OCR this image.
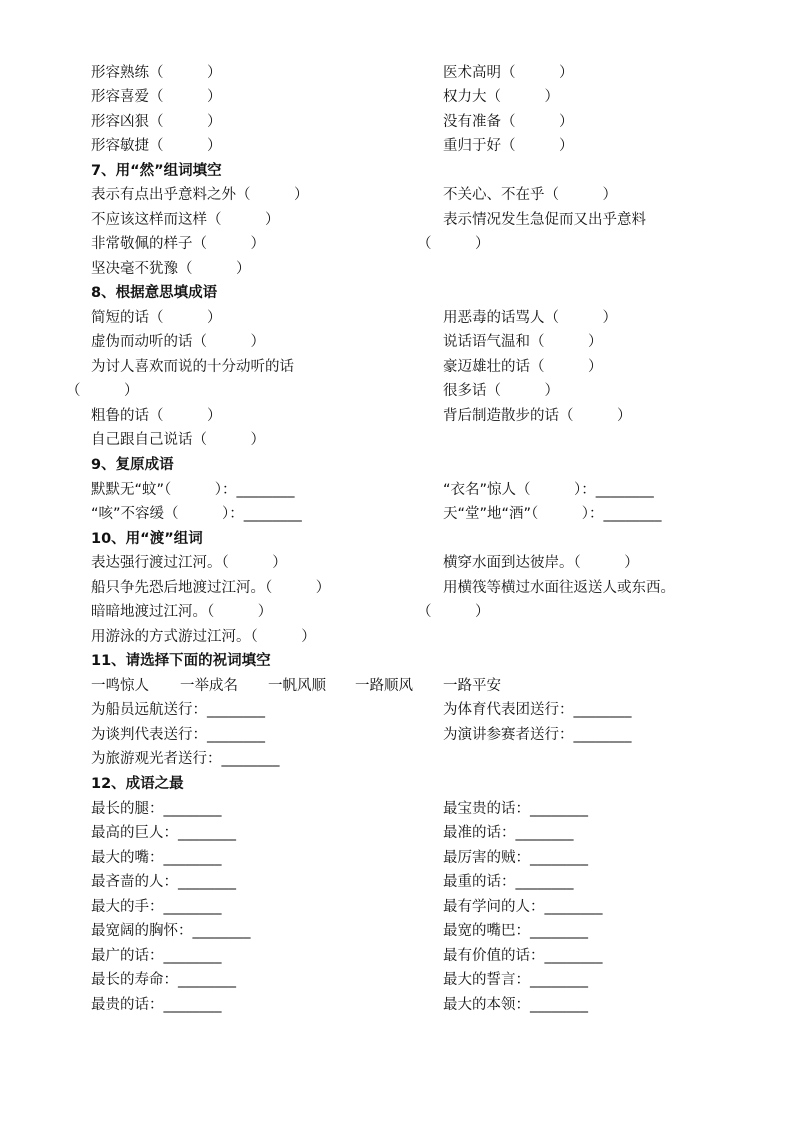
形容熟练（　　　）	医术高明（　　　）
形容喜爱（　　　）	权力大（　　　）
形容凶狠（　　　）	没有准备（　　　）
形容敏捷（　　　）	重归于好（　　　）
7、用“然”组词填空
表示有点出乎意料之外（　　　）	不关心、不在乎（　　　）
不应该这样而这样（　　　）	表示情况发生急促而又出乎意料
非常敬佩的样子（　　　）	（　　　）
坚决毫不犹豫（　　　）
8、根据意思填成语
简短的话（　　　）	用恶毒的话骂人（　　　）
虚伪而动听的话（　　　）	说话语气温和（　　　）
为讨人喜欢而说的十分动听的话	豪迈雄壮的话（　　　）
（　　　）	很多话（　　　）
粗鲁的话（　　　）	背后制造散步的话（　　　）
自己跟自己说话（　　　）
9、复原成语
默默无“蚊”（　　　）：________	“衣名”惊人（　　　）：________
“咳”不容缓（　　　）：________	天“堂”地“酒”（　　　）：________
10、用“渡”组词
表达强行渡过江河。（　　　）	横穿水面到达彼岸。（　　　）
船只争先恐后地渡过江河。（　　　）	用横筏等横过水面往返送人或东西。
暗暗地渡过江河。（　　　）	（　　　）
用游泳的方式游过江河。（　　　）
11、请选择下面的祝词填空
一鸣惊人 一举成名 一帆风顺 一路顺风 一路平安
为船员远航送行：________	为体育代表团送行：________
为谈判代表送行：________	为演讲参赛者送行：________
为旅游观光者送行：________
12、成语之最
最长的腿：________	最宝贵的话：________
最高的巨人：________	最准的话：________
最大的嘴：________	最厉害的贼：________
最吝啬的人：________	最重的话：________
最大的手：________	最有学问的人：________
最宽阔的胸怀：________	最宽的嘴巴：________
最广的话：________	最有价值的话：________
最长的寿命：________	最大的誓言：________
最贵的话：________	最大的本领：________
